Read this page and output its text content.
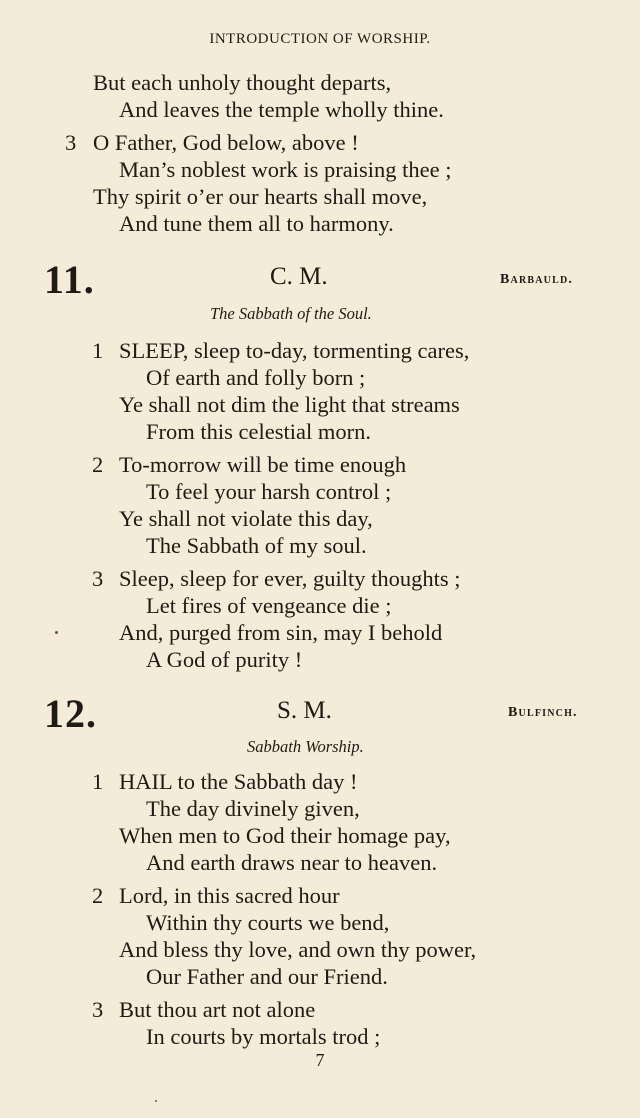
INTRODUCTION OF WORSHIP.
But each unholy thought departs,
And leaves the temple wholly thine.
3 O Father, God below, above !
Man’s noblest work is praising thee ;
Thy spirit o’er our hearts shall move,
And tune them all to harmony.
11.	C. M.	Barbauld.
The Sabbath of the Soul.
1 SLEEP, sleep to-day, tormenting cares,
Of earth and folly born ;
Ye shall not dim the light that streams
From this celestial morn.
2 To-morrow will be time enough
To feel your harsh control ;
Ye shall not violate this day,
The Sabbath of my soul.
3 Sleep, sleep for ever, guilty thoughts ;
Let fires of vengeance die ;
And, purged from sin, may I behold
A God of purity !
12.	S. M.	Bulfinch.
Sabbath Worship.
1 HAIL to the Sabbath day !
The day divinely given,
When men to God their homage pay,
And earth draws near to heaven.
2 Lord, in this sacred hour
Within thy courts we bend,
And bless thy love, and own thy power,
Our Father and our Friend.
3 But thou art not alone
In courts by mortals trod ;
7
